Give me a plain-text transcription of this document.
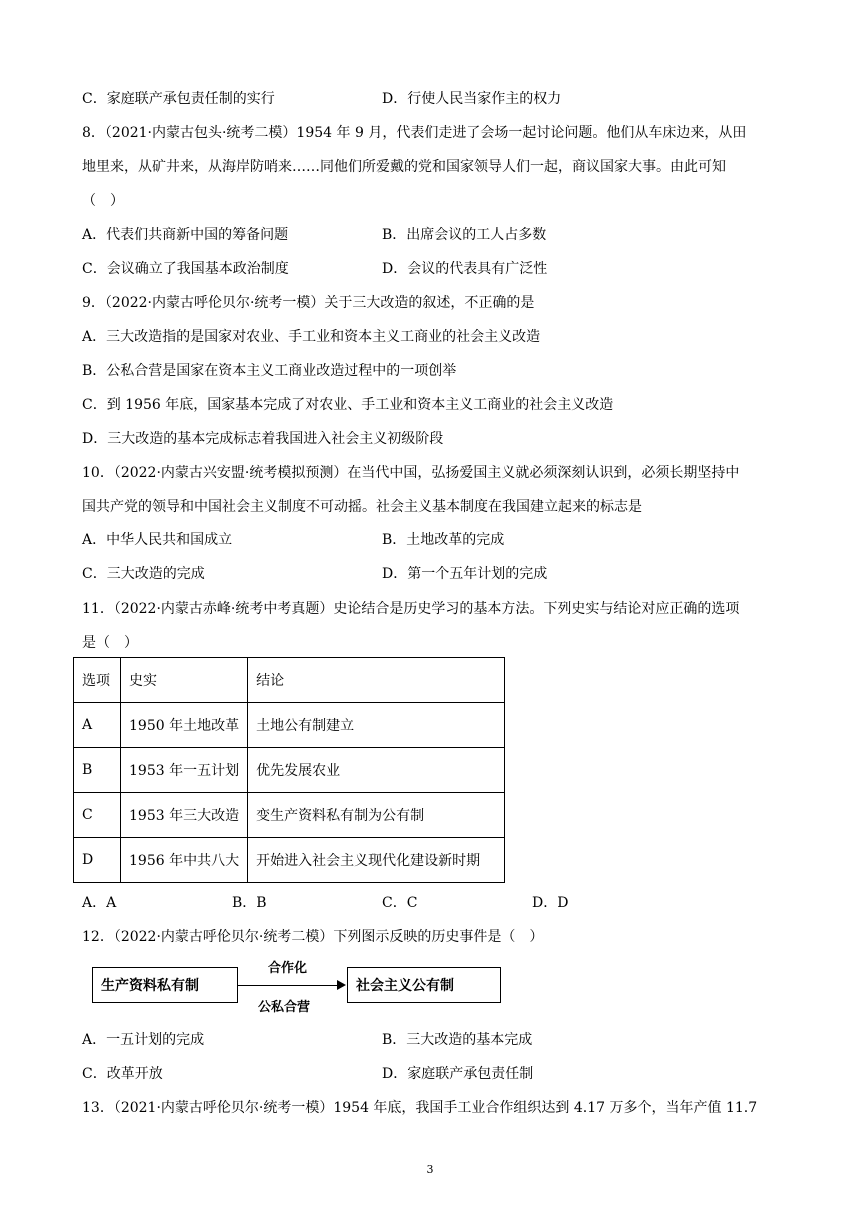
C．家庭联产承包责任制的实行	D．行使人民当家作主的权力
8．（2021·内蒙古包头·统考二模）1954 年 9 月，代表们走进了会场一起讨论问题。他们从车床边来，从田
地里来，从矿井来，从海岸防哨来……同他们所爱戴的党和国家领导人们一起，商议国家大事。由此可知
（　）
A．代表们共商新中国的筹备问题	B．出席会议的工人占多数
C．会议确立了我国基本政治制度	D．会议的代表具有广泛性
9．（2022·内蒙古呼伦贝尔·统考一模）关于三大改造的叙述，不正确的是
A．三大改造指的是国家对农业、手工业和资本主义工商业的社会主义改造
B．公私合营是国家在资本主义工商业改造过程中的一项创举
C．到 1956 年底，国家基本完成了对农业、手工业和资本主义工商业的社会主义改造
D．三大改造的基本完成标志着我国进入社会主义初级阶段
10．（2022·内蒙古兴安盟·统考模拟预测）在当代中国，弘扬爱国主义就必须深刻认识到，必须长期坚持中
国共产党的领导和中国社会主义制度不可动摇。社会主义基本制度在我国建立起来的标志是
A．中华人民共和国成立	B．土地改革的完成
C．三大改造的完成	D．第一个五年计划的完成
11．（2022·内蒙古赤峰·统考中考真题）史论结合是历史学习的基本方法。下列史实与结论对应正确的选项
是（　）
选项	史实	结论
A	1950 年土地改革	土地公有制建立
B	1953 年一五计划	优先发展农业
C	1953 年三大改造	变生产资料私有制为公有制
D	1956 年中共八大	开始进入社会主义现代化建设新时期
A．A	B．B	C．C	D．D
12．（2022·内蒙古呼伦贝尔·统考二模）下列图示反映的历史事件是（　）
生产资料私有制
合作化
公私合营
社会主义公有制
A．一五计划的完成	B．三大改造的基本完成
C．改革开放	D．家庭联产承包责任制
13．（2021·内蒙古呼伦贝尔·统考一模）1954 年底，我国手工业合作组织达到 4.17 万多个，当年产值 11.7
3
